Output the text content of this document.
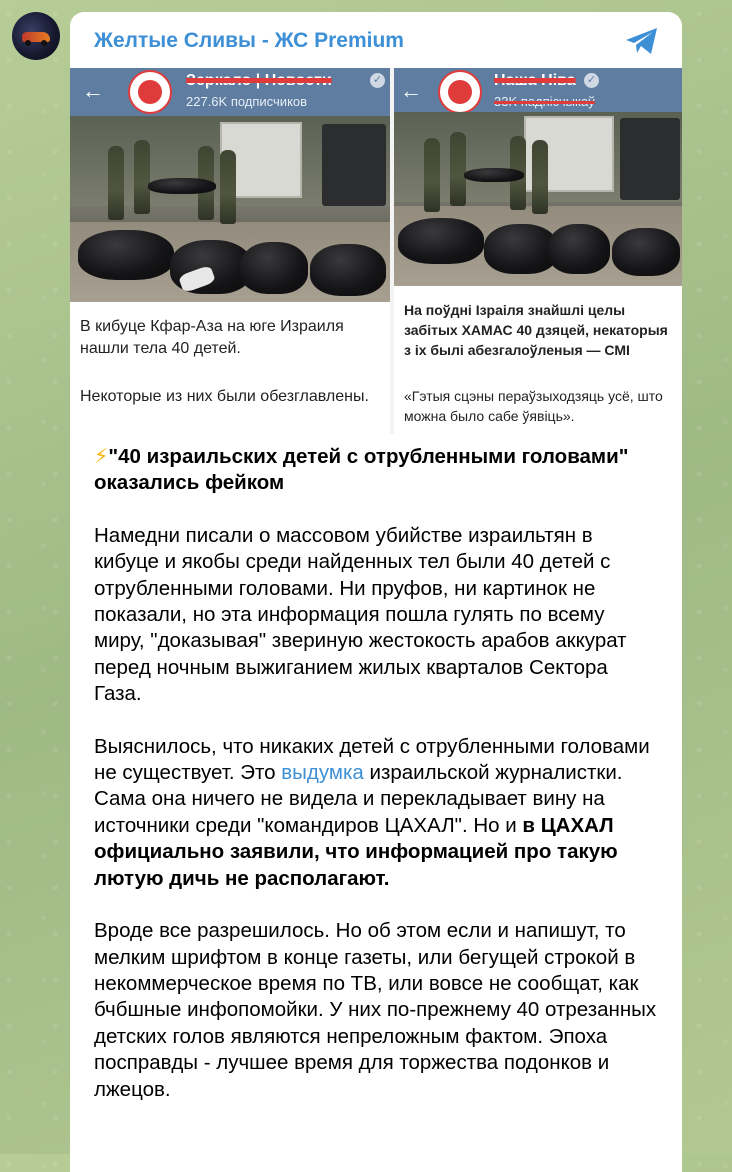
Желтые Сливы - ЖС Premium
←	Зеркало | Новости	✓
227.6K подписчиков
В кибуце Кфар-Аза на юге Израиля нашли тела 40 детей.
Некоторые из них были обезглавлены.
←	Наша Ніва ✓
33K падпісчыкаў
На поўдні Ізраіля знайшлі целы забітых ХАМАС 40 дзяцей, некаторыя з іх былі абезгалоўленыя — СМІ
«Гэтыя сцэны пераўзыходзяць усё, што можна было сабе ўявіць».

⚡"40 израильских детей с отрубленными головами" оказались фейком

Намедни писали о массовом убийстве израильтян в кибуце и якобы среди найденных тел были 40 детей с отрубленными головами. Ни пруфов, ни картинок не показали, но эта информация пошла гулять по всему миру, "доказывая" звериную жестокость арабов аккурат перед ночным выжиганием жилых кварталов Сектора Газа.

Выяснилось, что никаких детей с отрубленными головами не существует. Это выдумка израильской журналистки. Сама она ничего не видела и перекладывает вину на источники среди "командиров ЦАХАЛ". Но и в ЦАХАЛ официально заявили, что информацией про такую лютую дичь не располагают.

Вроде все разрешилось. Но об этом если и напишут, то мелким шрифтом в конце газеты, или бегущей строкой в некоммерческое время по ТВ, или вовсе не сообщат, как бчбшные инфопомойки. У них по-прежнему 40 отрезанных детских голов являются непреложным фактом. Эпоха посправды - лучшее время для торжества подонков и лжецов.
